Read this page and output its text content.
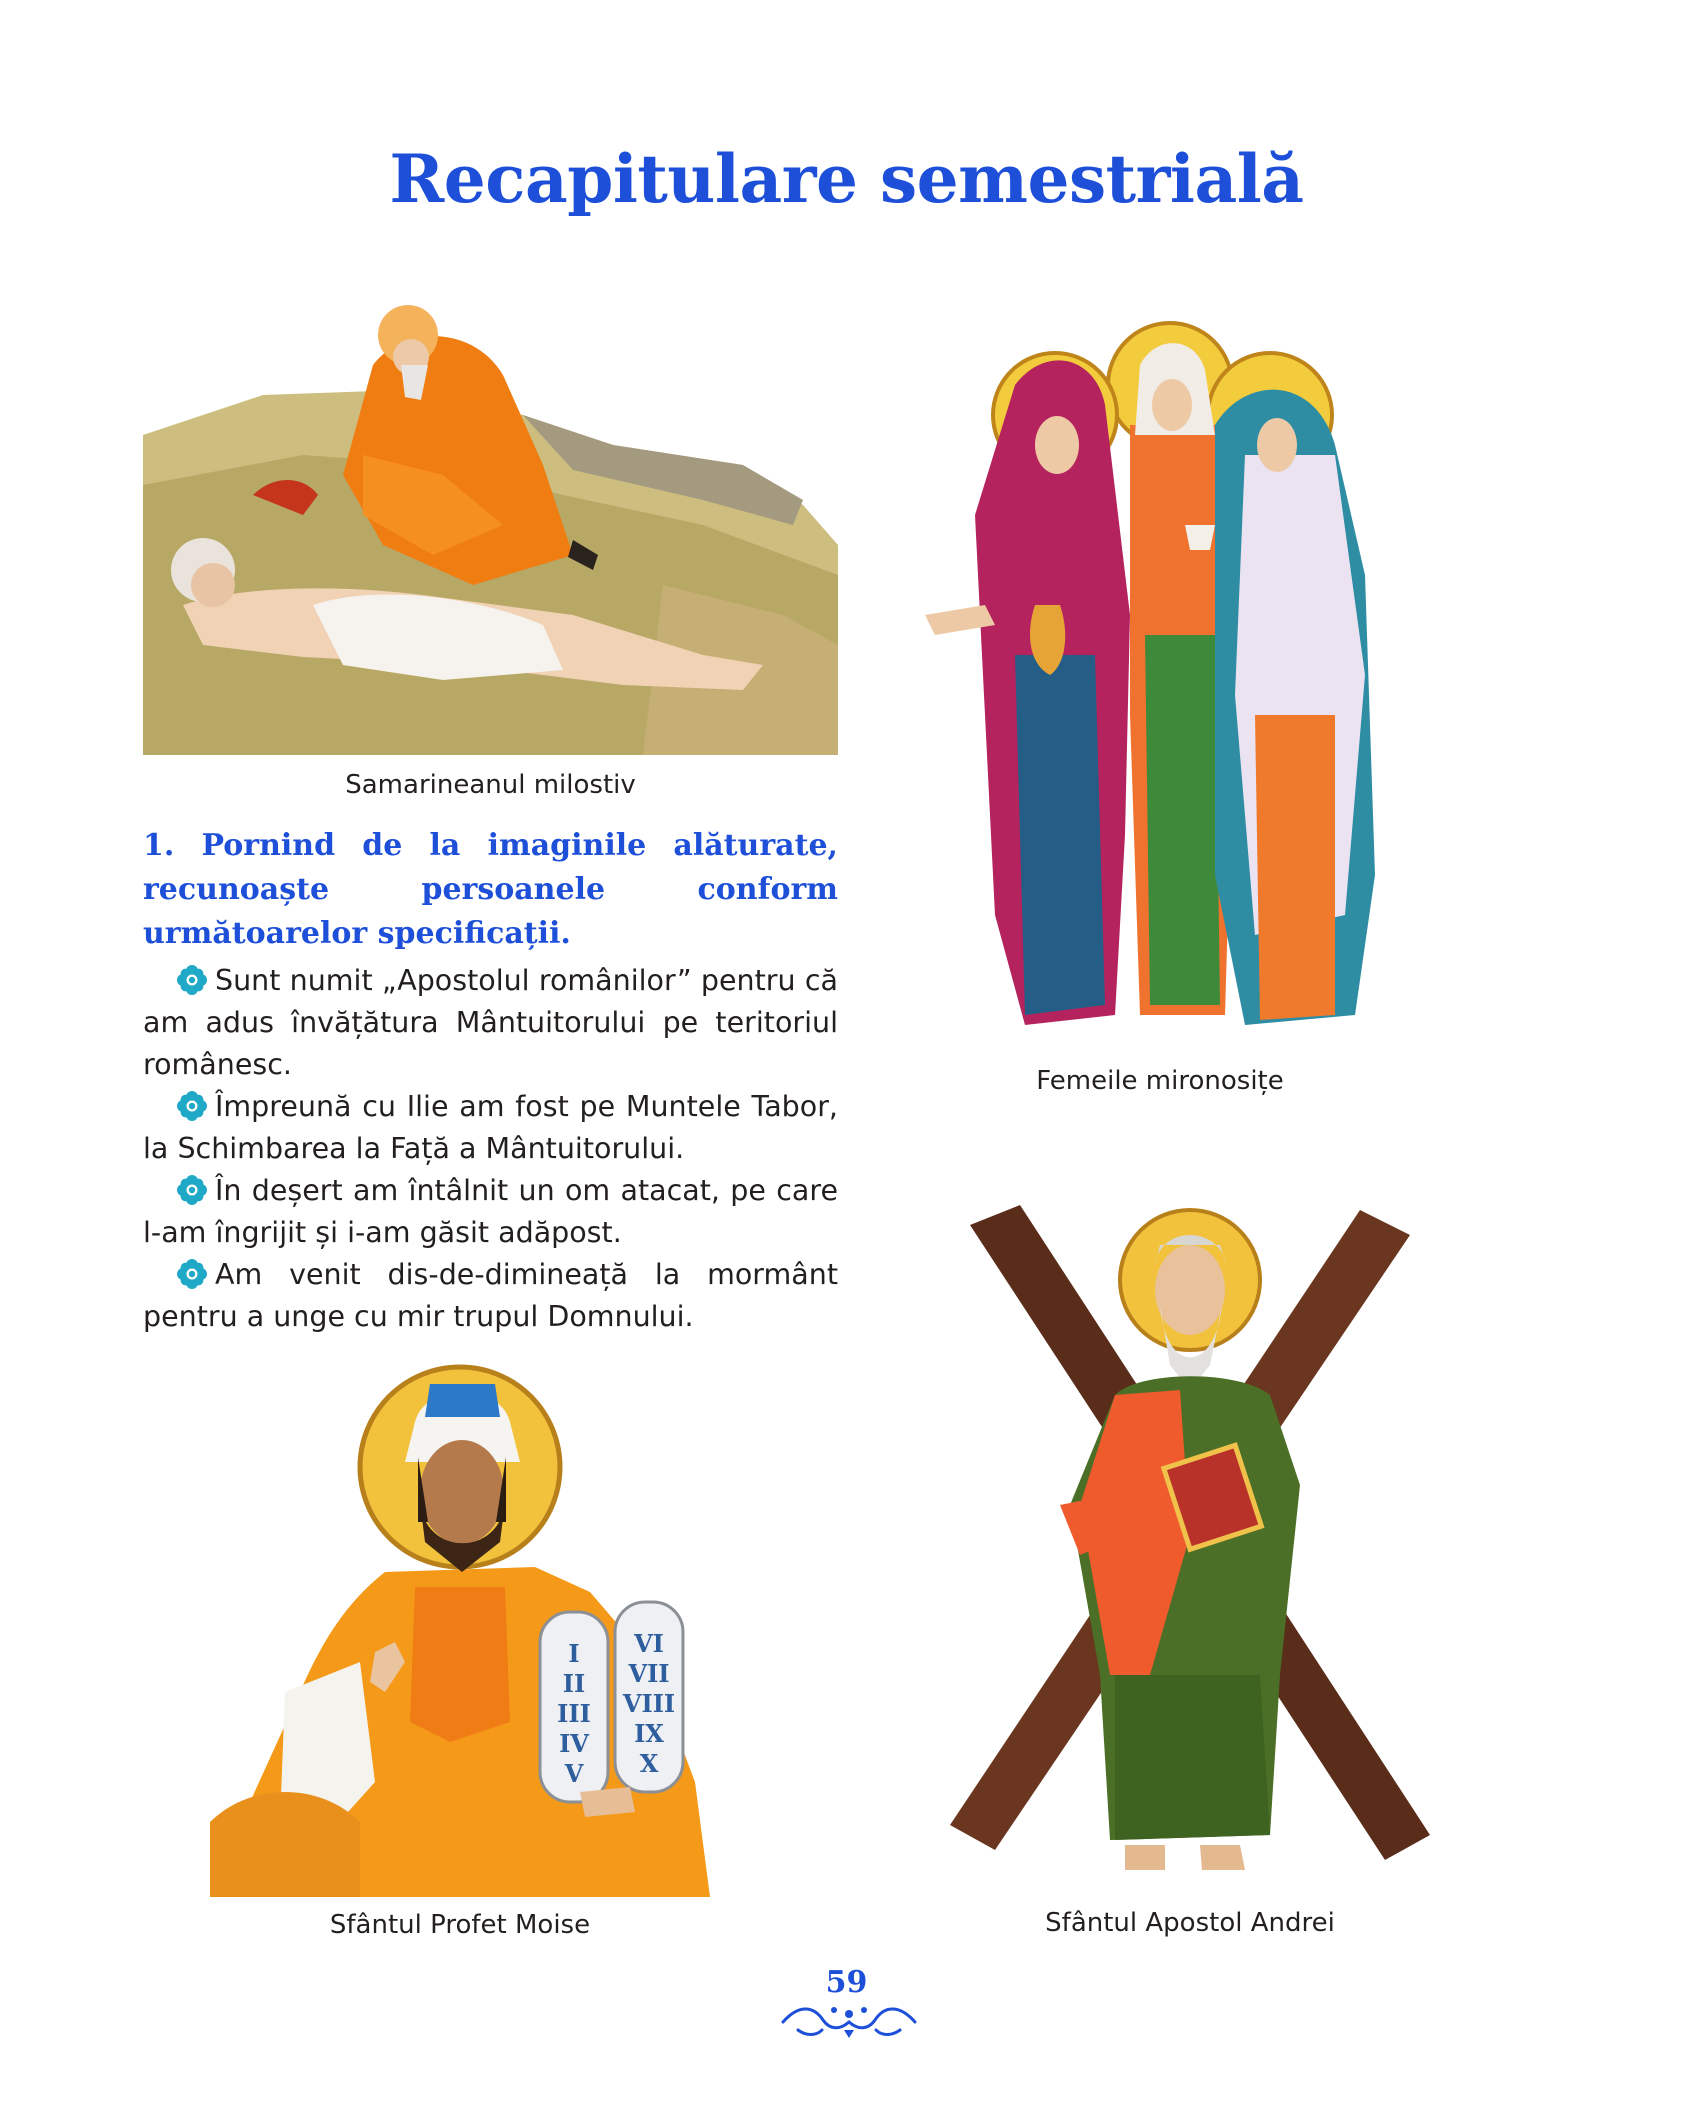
Recapitulare semestrială
Samarineanul milostiv
Femeile mironosițe
1. Pornind de la imaginile alăturate, recunoaște persoanele conform următoarelor specificații.
Sunt numit „Apostolul românilor” pentru că am adus învățătura Mântuitorului pe teritoriul românesc.
Împreună cu Ilie am fost pe Muntele Tabor, la Schimbarea la Față a Mântuitorului.
În deșert am întâlnit un om atacat, pe care l-am îngrijit și i-am găsit adăpost.
Am venit dis-de-dimineață la mormânt pentru a unge cu mir trupul Domnului.
I
II
III
IV
V
VI
VII
VIII
IX
X
Sfântul Profet Moise	Sfântul Apostol Andrei
59
